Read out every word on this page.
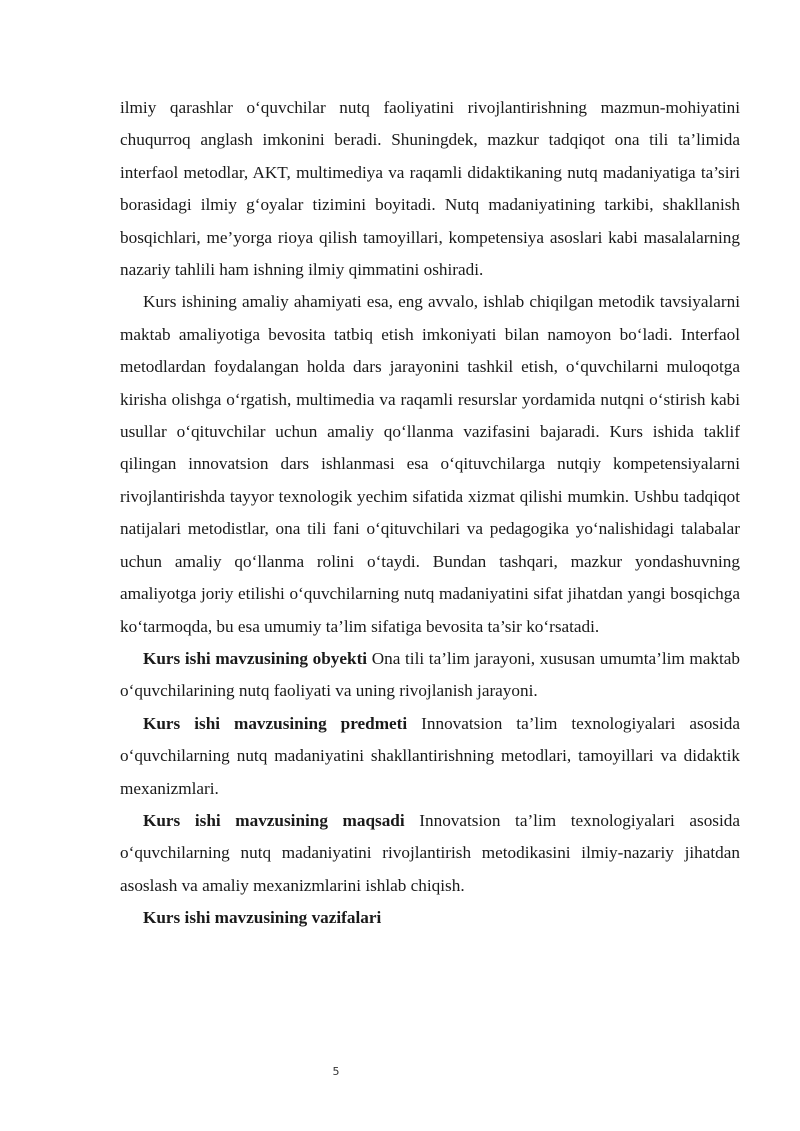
ilmiy qarashlar o‘quvchilar nutq faoliyatini rivojlantirishning mazmun-mohiyatini chuqurroq anglash imkonini beradi. Shuningdek, mazkur tadqiqot ona tili ta’limida interfaol metodlar, AKT, multimediya va raqamli didaktikaning nutq madaniyatiga ta’siri borasidagi ilmiy g‘oyalar tizimini boyitadi. Nutq madaniyatining tarkibi, shakllanish bosqichlari, me’yorga rioya qilish tamoyillari, kompetensiya asoslari kabi masalalarning nazariy tahlili ham ishning ilmiy qimmatini oshiradi.

Kurs ishining amaliy ahamiyati esa, eng avvalo, ishlab chiqilgan metodik tavsiyalarni maktab amaliyotiga bevosita tatbiq etish imkoniyati bilan namoyon bo‘ladi. Interfaol metodlardan foydalangan holda dars jarayonini tashkil etish, o‘quvchilarni muloqotga kirisha olishga o‘rgatish, multimedia va raqamli resurslar yordamida nutqni o‘stirish kabi usullar o‘qituvchilar uchun amaliy qo‘llanma vazifasini bajaradi. Kurs ishida taklif qilingan innovatsion dars ishlanmasi esa o‘qituvchilarga nutqiy kompetensiyalarni rivojlantirishda tayyor texnologik yechim sifatida xizmat qilishi mumkin. Ushbu tadqiqot natijalari metodistlar, ona tili fani o‘qituvchilari va pedagogika yo‘nalishidagi talabalar uchun amaliy qo‘llanma rolini o‘taydi. Bundan tashqari, mazkur yondashuvning amaliyotga joriy etilishi o‘quvchilarning nutq madaniyatini sifat jihatdan yangi bosqichga ko‘tarmoqda, bu esa umumiy ta’lim sifatiga bevosita ta’sir ko‘rsatadi.

Kurs ishi mavzusining obyekti Ona tili ta’lim jarayoni, xususan umumta’lim maktab o‘quvchilarining nutq faoliyati va uning rivojlanish jarayoni.

Kurs ishi mavzusining predmeti Innovatsion ta’lim texnologiyalari asosida o‘quvchilarning nutq madaniyatini shakllantirishning metodlari, tamoyillari va didaktik mexanizmlari.

Kurs ishi mavzusining maqsadi Innovatsion ta’lim texnologiyalari asosida o‘quvchilarning nutq madaniyatini rivojlantirish metodikasini ilmiy-nazariy jihatdan asoslash va amaliy mexanizmlarini ishlab chiqish.

Kurs ishi mavzusining vazifalari

5
